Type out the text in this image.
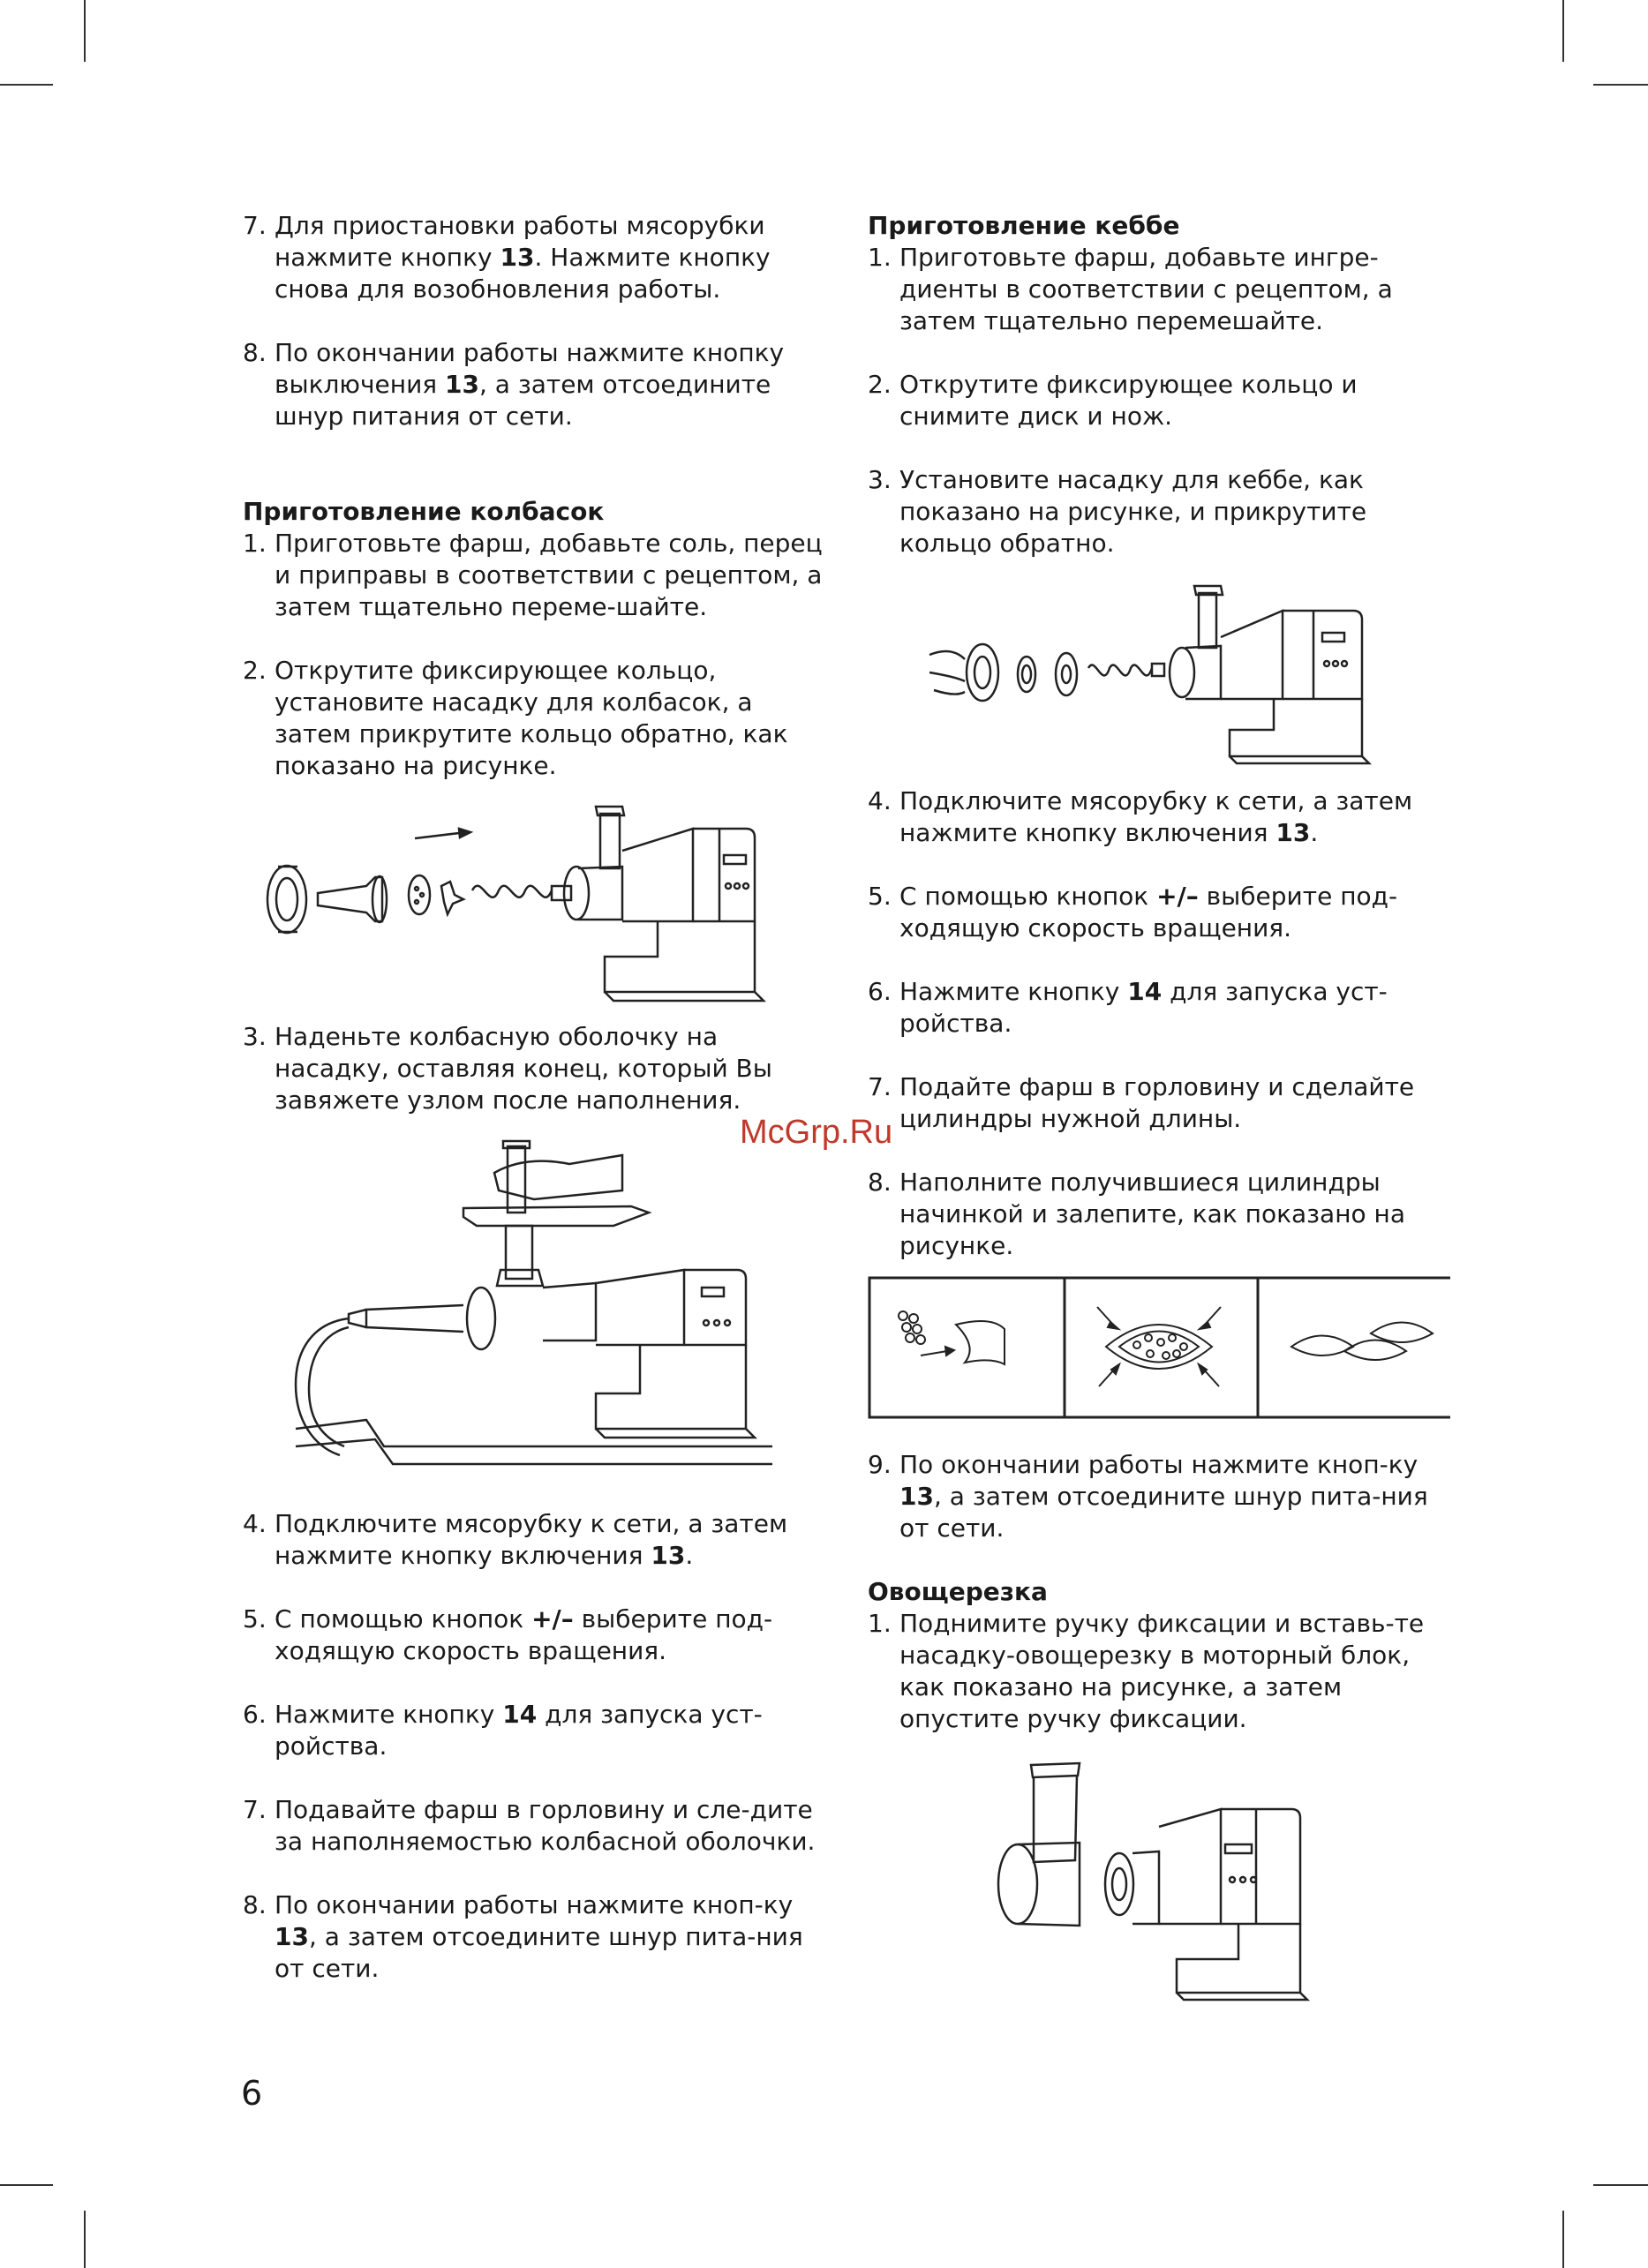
7. Для приостановки работы мясорубки нажмите кнопку 13. Нажмите кнопку снова для возобновления работы.
8. По окончании работы нажмите кнопку выключения 13, а затем отсоедините шнур питания от сети.
Приготовление колбасок
1. Приготовьте фарш, добавьте соль, перец и приправы в соответствии с рецептом, а затем тщательно переме-шайте.
2. Открутите фиксирующее кольцо, установите насадку для колбасок, а затем прикрутите кольцо обратно, как показано на рисунке.
3. Наденьте колбасную оболочку на насадку, оставляя конец, который Вы завяжете узлом после наполнения.
4. Подключите мясорубку к сети, а затем нажмите кнопку включения 13.
5. С помощью кнопок +/– выберите под-ходящую скорость вращения.
6. Нажмите кнопку 14 для запуска уст-ройства.
7. Подавайте фарш в горловину и сле-дите за наполняемостью колбасной оболочки.
8. По окончании работы нажмите кноп-ку 13, а затем отсоедините шнур пита-ния от сети.
Приготовление кеббе
1. Приготовьте фарш, добавьте ингре-диенты в соответствии с рецептом, а затем тщательно перемешайте.
2. Открутите фиксирующее кольцо и снимите диск и нож.
3. Установите насадку для кеббе, как показано на рисунке, и прикрутите кольцо обратно.
4. Подключите мясорубку к сети, а затем нажмите кнопку включения 13.
5. С помощью кнопок +/– выберите под-ходящую скорость вращения.
6. Нажмите кнопку 14 для запуска уст-ройства.
7. Подайте фарш в горловину и сделайте цилиндры нужной длины.
8. Наполните получившиеся цилиндры начинкой и залепите, как показано на рисунке.
9. По окончании работы нажмите кноп-ку 13, а затем отсоедините шнур пита-ния от сети.
Овощерезка
1. Поднимите ручку фиксации и вставь-те насадку-овощерезку в моторный блок, как показано на рисунке, а затем опустите ручку фиксации.
6
McGrp.Ru
